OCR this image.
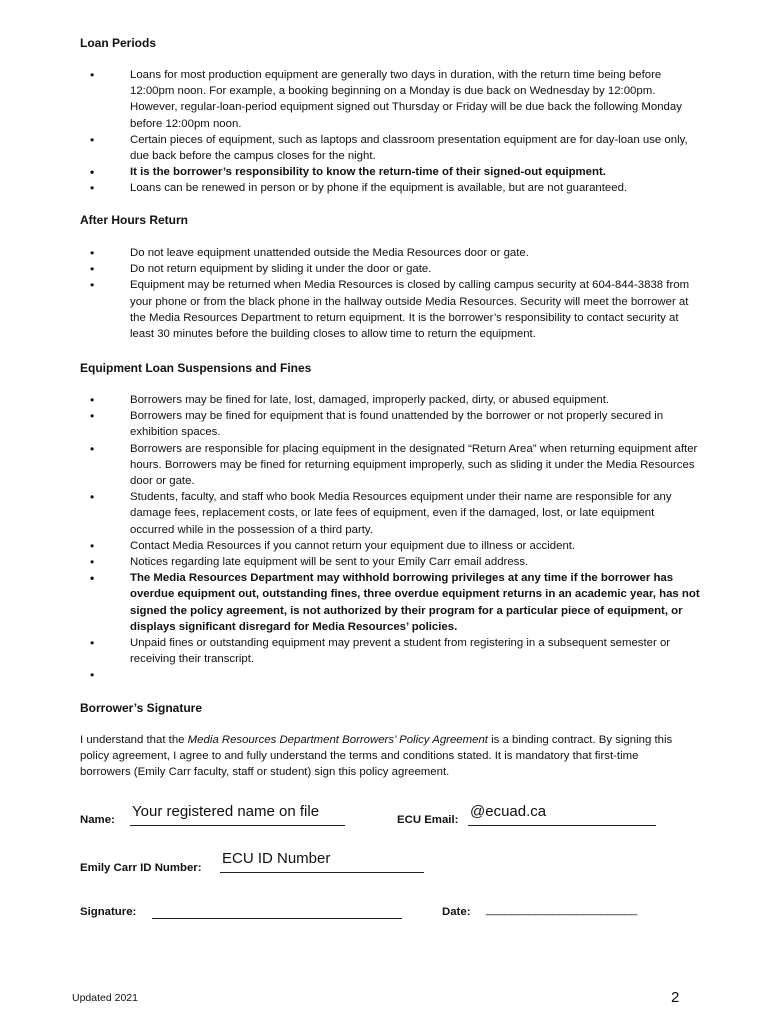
Loan Periods
• Loans for most production equipment are generally two days in duration, with the return time being before 12:00pm noon. For example, a booking beginning on a Monday is due back on Wednesday by 12:00pm. However, regular-loan-period equipment signed out Thursday or Friday will be due back the following Monday before 12:00pm noon.
• Certain pieces of equipment, such as laptops and classroom presentation equipment are for day-loan use only, due back before the campus closes for the night.
• It is the borrower’s responsibility to know the return-time of their signed-out equipment.
• Loans can be renewed in person or by phone if the equipment is available, but are not guaranteed.
After Hours Return
• Do not leave equipment unattended outside the Media Resources door or gate.
• Do not return equipment by sliding it under the door or gate.
• Equipment may be returned when Media Resources is closed by calling campus security at 604-844-3838 from your phone or from the black phone in the hallway outside Media Resources. Security will meet the borrower at the Media Resources Department to return equipment. It is the borrower’s responsibility to contact security at least 30 minutes before the building closes to allow time to return the equipment.
Equipment Loan Suspensions and Fines
• Borrowers may be fined for late, lost, damaged, improperly packed, dirty, or abused equipment.
• Borrowers may be fined for equipment that is found unattended by the borrower or not properly secured in exhibition spaces.
• Borrowers are responsible for placing equipment in the designated “Return Area” when returning equipment after hours. Borrowers may be fined for returning equipment improperly, such as sliding it under the Media Resources door or gate.
• Students, faculty, and staff who book Media Resources equipment under their name are responsible for any damage fees, replacement costs, or late fees of equipment, even if the damaged, lost, or late equipment occurred while in the possession of a third party.
• Contact Media Resources if you cannot return your equipment due to illness or accident.
• Notices regarding late equipment will be sent to your Emily Carr email address.
• The Media Resources Department may withhold borrowing privileges at any time if the borrower has overdue equipment out, outstanding fines, three overdue equipment returns in an academic year, has not signed the policy agreement, is not authorized by their program for a particular piece of equipment, or displays significant disregard for Media Resources’ policies.
• Unpaid fines or outstanding equipment may prevent a student from registering in a subsequent semester or receiving their transcript.
•
Borrower’s Signature
I understand that the Media Resources Department Borrowers’ Policy Agreement is a binding contract. By signing this policy agreement, I agree to and fully understand the terms and conditions stated. It is mandatory that first-time borrowers (Emily Carr faculty, staff or student) sign this policy agreement.
Name: Your registered name on file	ECU Email: @ecuad.ca
Emily Carr ID Number:
ECU ID Number
Signature:	Date: _________________________
Updated 2021	2
